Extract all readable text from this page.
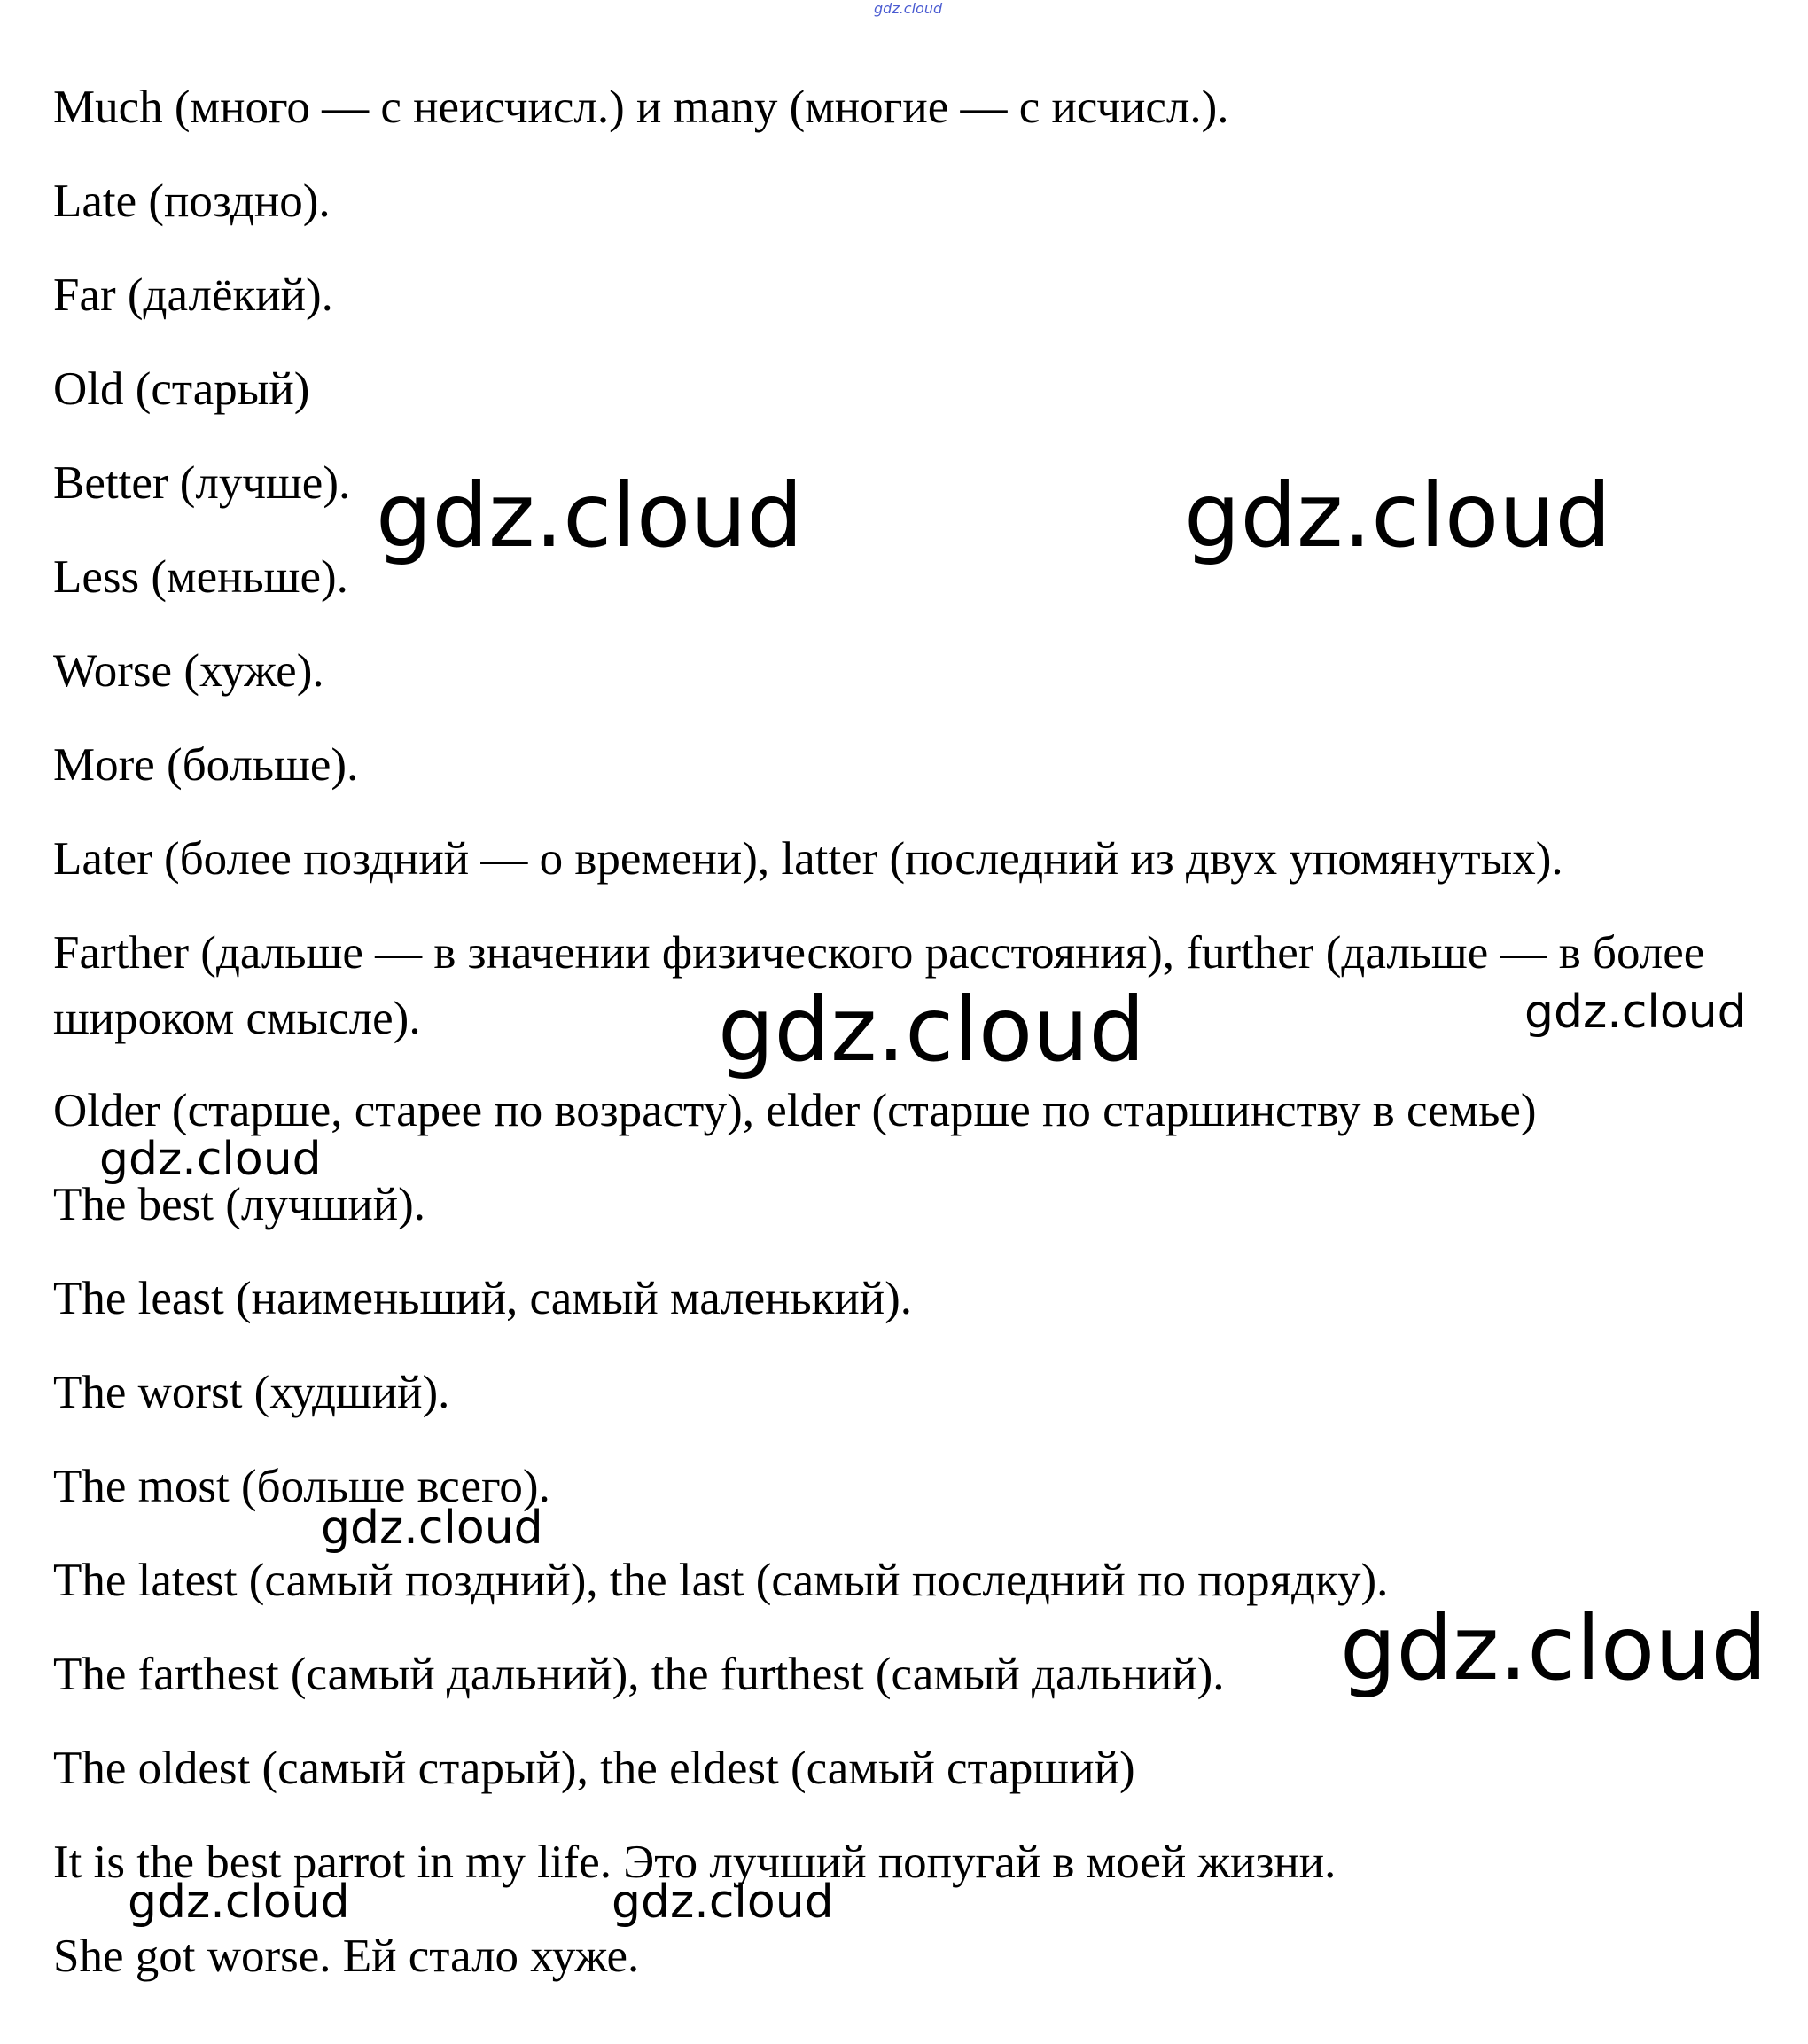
gdz.cloud

Much (много — с неисчисл.) и many (многие — с исчисл.).

Late (поздно).

Far (далёкий).

Old (старый)

Better (лучше).

Less (меньше).

Worse (хуже).

More (больше).

Later (более поздний — о времени), latter (последний из двух упомянутых).

Farther (дальше — в значении физического расстояния), further (дальше — в более широком смысле).

Older (старше, старее по возрасту), elder (старше по старшинству в семье)

The best (лучший).

The least (наименьший, самый маленький).

The worst (худший).

The most (больше всего).

The latest (самый поздний), the last (самый последний по порядку).

The farthest (самый дальний), the furthest (самый дальний).

The oldest (самый старый), the eldest (самый старший)

It is the best parrot in my life. Это лучший попугай в моей жизни.

She got worse. Ей стало хуже.

gdz.cloud	gdz.cloud
gdz.cloud	gdz.cloud
gdz.cloud
gdz.cloud
gdz.cloud
gdz.cloud	gdz.cloud
